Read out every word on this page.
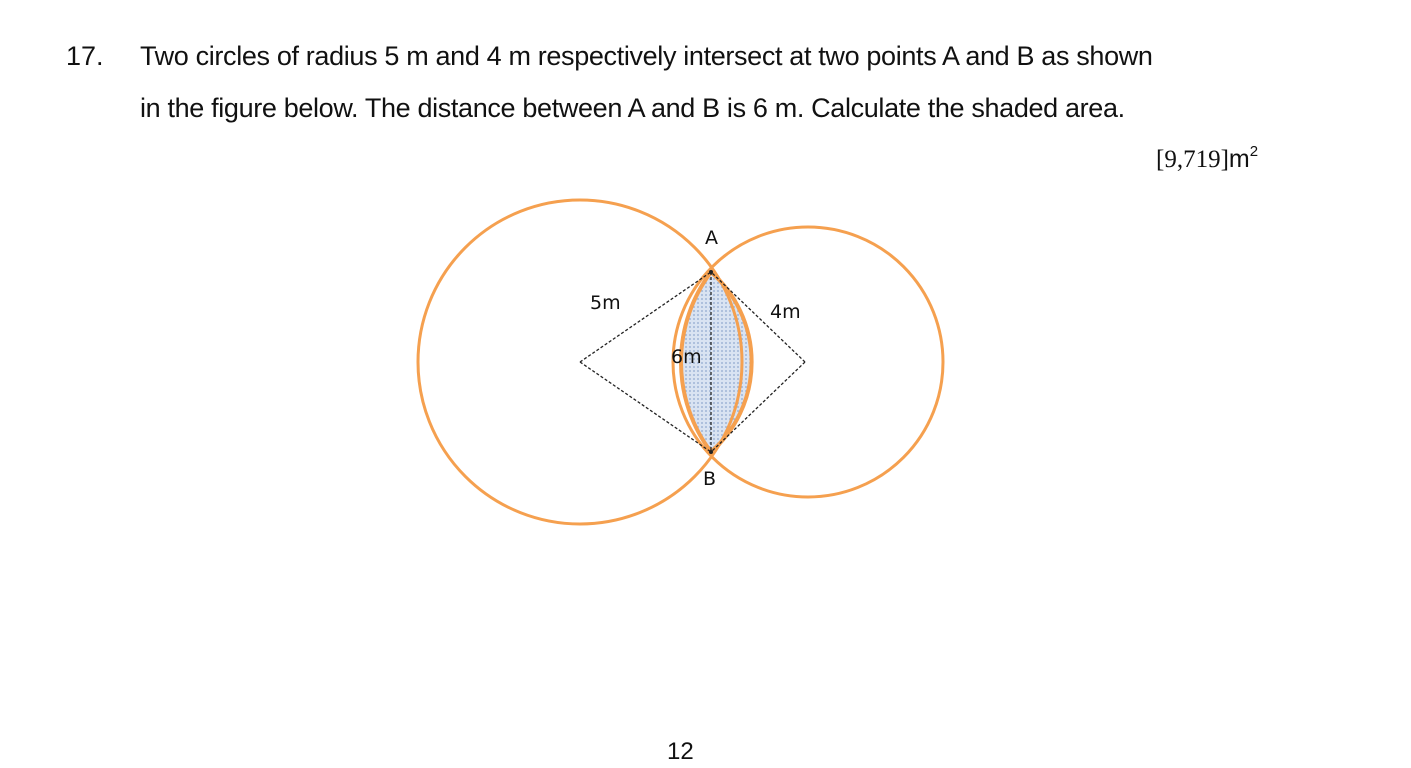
17. Two circles of radius 5 m and 4 m respectively intersect at two points A and B as shown
in the figure below. The distance between A and B is 6 m. Calculate the shaded area.
$[9,719]m^2$
A
B
5m	4m
6m
12
